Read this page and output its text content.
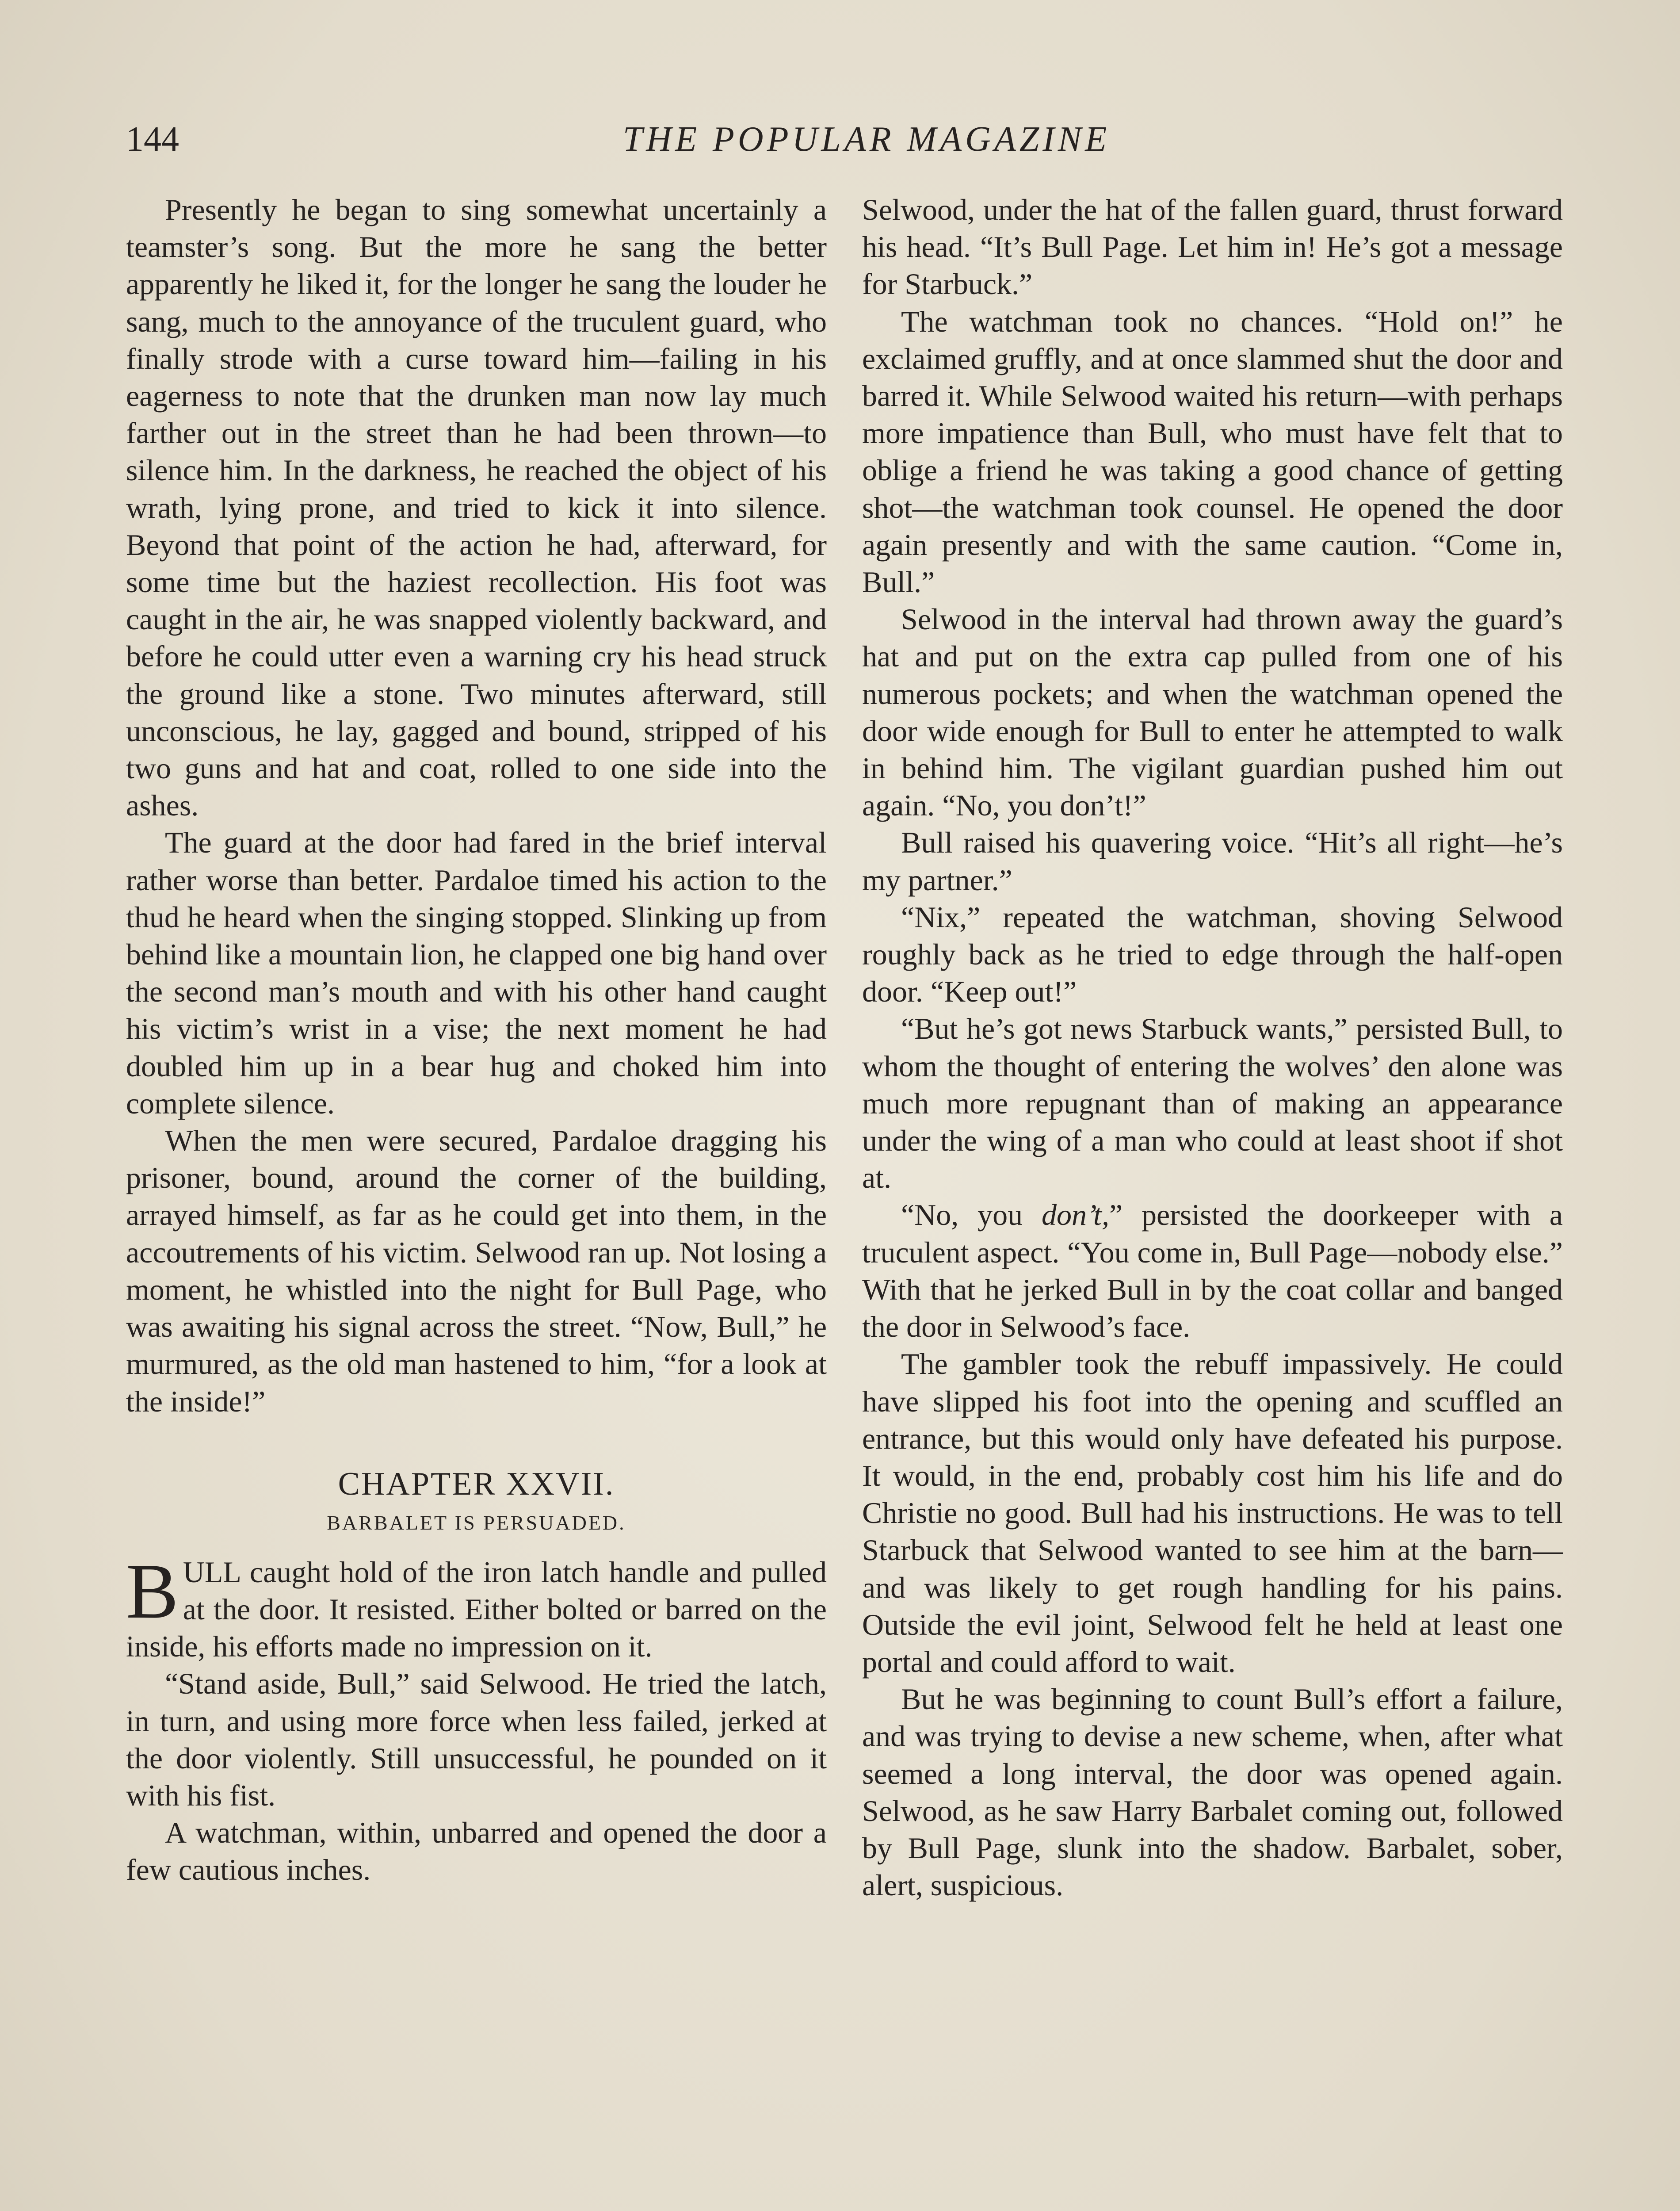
144	THE POPULAR MAGAZINE

Presently he began to sing somewhat uncertainly a teamster’s song. But the more he sang the better apparently he liked it, for the longer he sang the louder he sang, much to the annoyance of the truculent guard, who finally strode with a curse toward him—failing in his eagerness to note that the drunken man now lay much farther out in the street than he had been thrown—to silence him. In the darkness, he reached the object of his wrath, lying prone, and tried to kick it into silence. Beyond that point of the action he had, afterward, for some time but the haziest recollection. His foot was caught in the air, he was snapped violently backward, and before he could utter even a warning cry his head struck the ground like a stone. Two minutes afterward, still unconscious, he lay, gagged and bound, stripped of his two guns and hat and coat, rolled to one side into the ashes.

The guard at the door had fared in the brief interval rather worse than better. Pardaloe timed his action to the thud he heard when the singing stopped. Slinking up from behind like a mountain lion, he clapped one big hand over the second man’s mouth and with his other hand caught his victim’s wrist in a vise; the next moment he had doubled him up in a bear hug and choked him into complete silence.

When the men were secured, Pardaloe dragging his prisoner, bound, around the corner of the building, arrayed himself, as far as he could get into them, in the accoutrements of his victim. Selwood ran up. Not losing a moment, he whistled into the night for Bull Page, who was awaiting his signal across the street. “Now, Bull,” he murmured, as the old man hastened to him, “for a look at the inside!”

CHAPTER XXVII.
BARBALET IS PERSUADED.

BULL caught hold of the iron latch handle and pulled at the door. It resisted. Either bolted or barred on the inside, his efforts made no impression on it.

“Stand aside, Bull,” said Selwood. He tried the latch, in turn, and using more force when less failed, jerked at the door violently. Still unsuccessful, he pounded on it with his fist.

A watchman, within, unbarred and opened the door a few cautious inches.

Selwood, under the hat of the fallen guard, thrust forward his head. “It’s Bull Page. Let him in! He’s got a message for Starbuck.”

The watchman took no chances. “Hold on!” he exclaimed gruffly, and at once slammed shut the door and barred it. While Selwood waited his return—with perhaps more impatience than Bull, who must have felt that to oblige a friend he was taking a good chance of getting shot—the watchman took counsel. He opened the door again presently and with the same caution. “Come in, Bull.”

Selwood in the interval had thrown away the guard’s hat and put on the extra cap pulled from one of his numerous pockets; and when the watchman opened the door wide enough for Bull to enter he attempted to walk in behind him. The vigilant guardian pushed him out again. “No, you don’t!”

Bull raised his quavering voice. “Hit’s all right—he’s my partner.”

“Nix,” repeated the watchman, shoving Selwood roughly back as he tried to edge through the half-open door. “Keep out!”

“But he’s got news Starbuck wants,” persisted Bull, to whom the thought of entering the wolves’ den alone was much more repugnant than of making an appearance under the wing of a man who could at least shoot if shot at.

“No, you don’t,” persisted the doorkeeper with a truculent aspect. “You come in, Bull Page—nobody else.” With that he jerked Bull in by the coat collar and banged the door in Selwood’s face.

The gambler took the rebuff impassively. He could have slipped his foot into the opening and scuffled an entrance, but this would only have defeated his purpose. It would, in the end, probably cost him his life and do Christie no good. Bull had his instructions. He was to tell Starbuck that Selwood wanted to see him at the barn—and was likely to get rough handling for his pains. Outside the evil joint, Selwood felt he held at least one portal and could afford to wait.

But he was beginning to count Bull’s effort a failure, and was trying to devise a new scheme, when, after what seemed a long interval, the door was opened again. Selwood, as he saw Harry Barbalet coming out, followed by Bull Page, slunk into the shadow. Barbalet, sober, alert, suspicious.
